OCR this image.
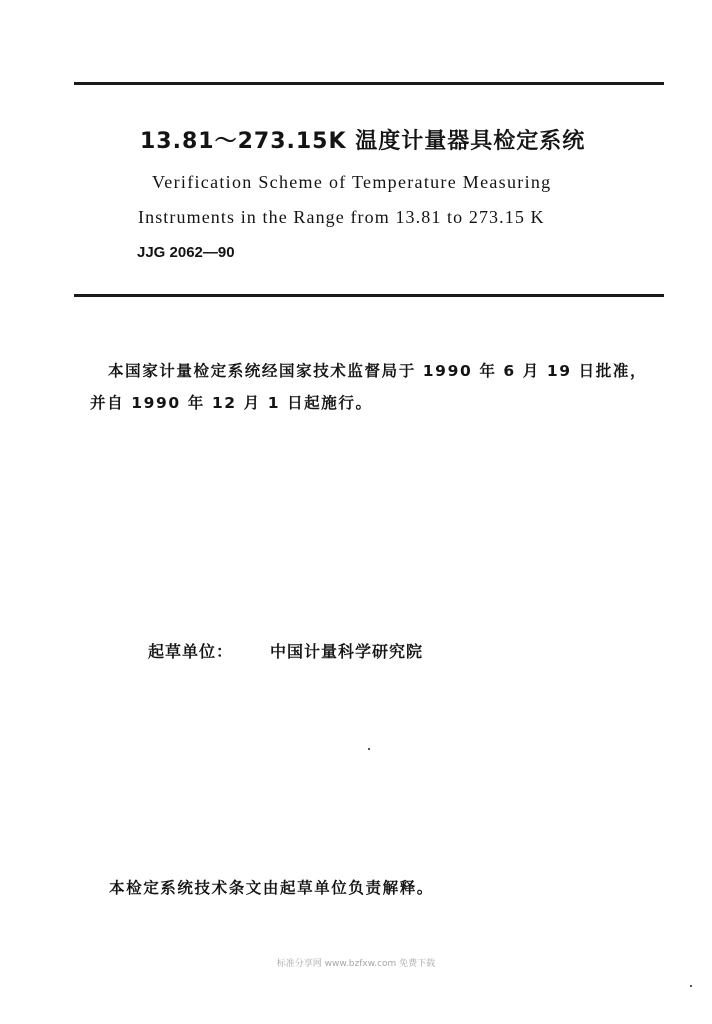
13.81～273.15K 温度计量器具检定系统
Verification Scheme of Temperature Measuring
Instruments in the Range from 13.81 to 273.15 K
JJG 2062—90
本国家计量检定系统经国家技术监督局于 1990 年 6 月 19 日批准，并自 1990 年 12 月 1 日起施行。
起草单位： 中国计量科学研究院
本检定系统技术条文由起草单位负责解释。
标准分享网 www.bzfxw.com 免费下载
